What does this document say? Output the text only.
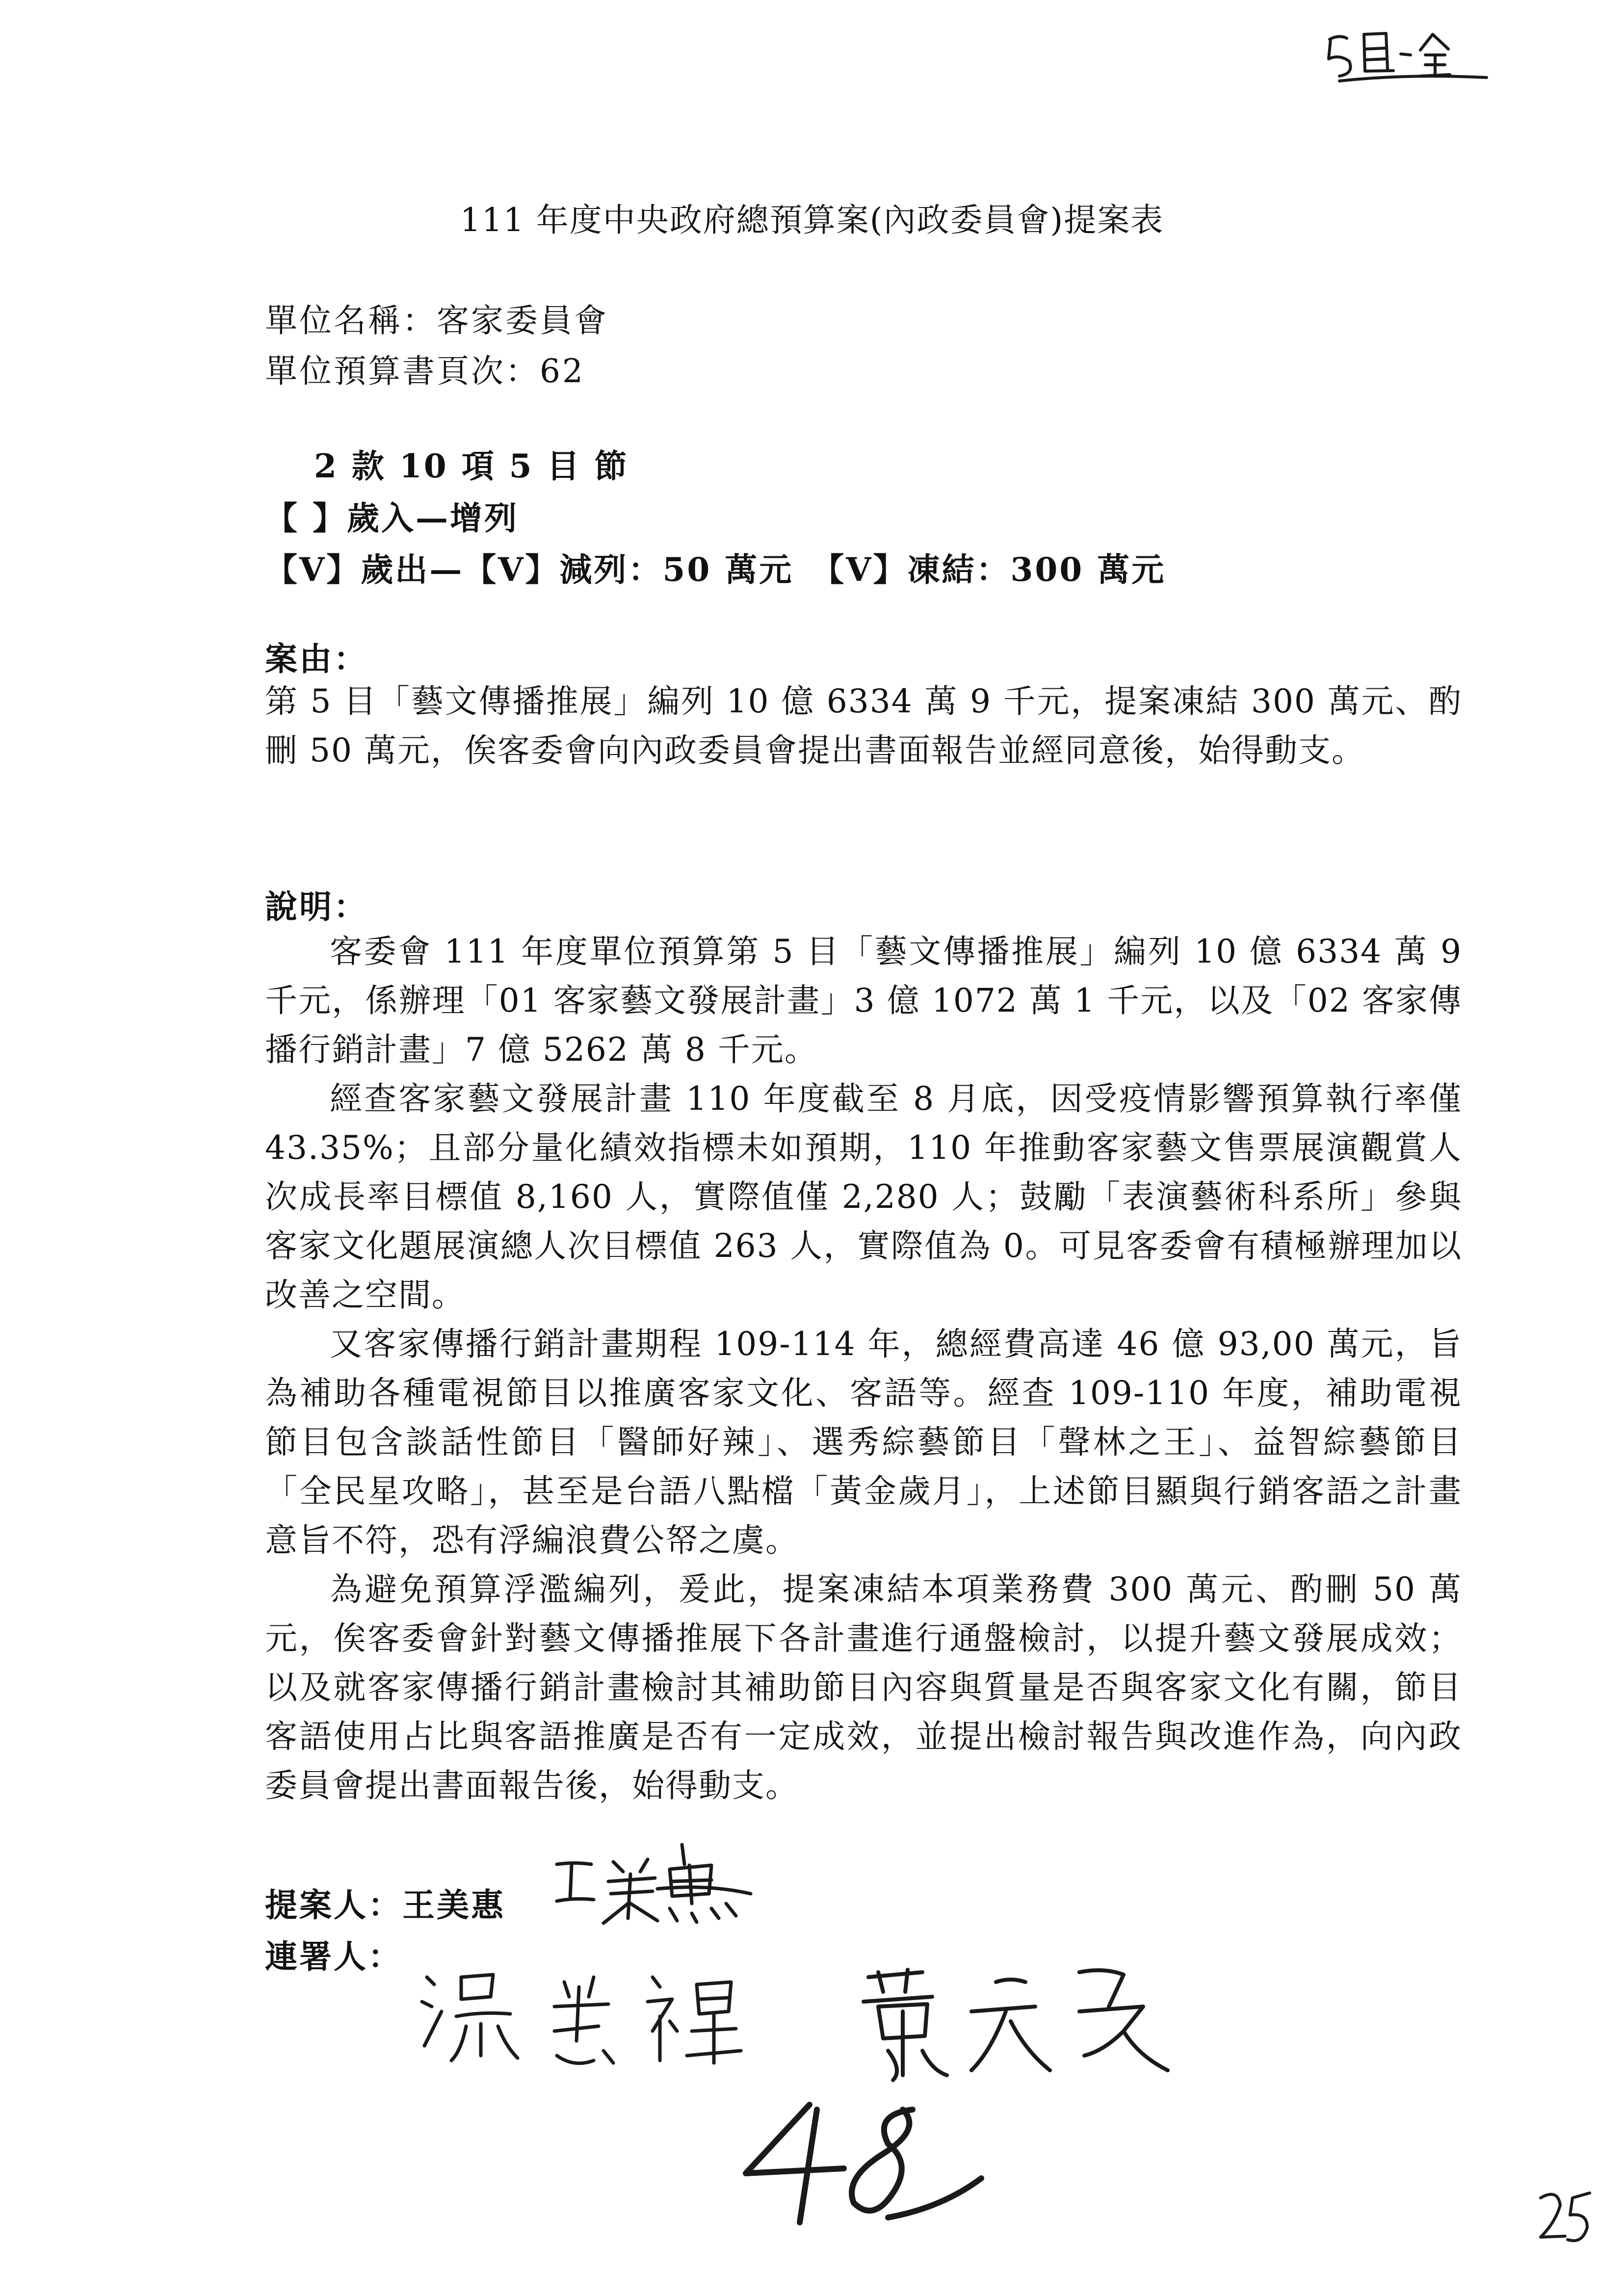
111 年度中央政府總預算案(內政委員會)提案表
單位名稱：客家委員會
單位預算書頁次：62
2 款 10 項 5 目 節
【 】歲入—增列
【V】歲出—【V】減列：50 萬元　【V】凍結：300 萬元
案由：

第 5 目「藝文傳播推展」編列 10 億 6334 萬 9 千元，提案凍結 300 萬元、酌刪 50 萬元，俟客委會向內政委員會提出書面報告並經同意後，始得動支。

說明：

客委會 111 年度單位預算第 5 目「藝文傳播推展」編列 10 億 6334 萬 9 千元，係辦理「01 客家藝文發展計畫」3 億 1072 萬 1 千元，以及「02 客家傳播行銷計畫」7 億 5262 萬 8 千元。

經查客家藝文發展計畫 110 年度截至 8 月底，因受疫情影響預算執行率僅 43.35%；且部分量化績效指標未如預期，110 年推動客家藝文售票展演觀賞人次成長率目標值 8,160 人，實際值僅 2,280 人；鼓勵「表演藝術科系所」參與客家文化題展演總人次目標值 263 人，實際值為 0。可見客委會有積極辦理加以改善之空間。

又客家傳播行銷計畫期程 109-114 年，總經費高達 46 億 93,00 萬元，旨為補助各種電視節目以推廣客家文化、客語等。經查 109-110 年度，補助電視節目包含談話性節目「醫師好辣」、選秀綜藝節目「聲林之王」、益智綜藝節目「全民星攻略」，甚至是台語八點檔「黃金歲月」，上述節目顯與行銷客語之計畫意旨不符，恐有浮編浪費公帑之虞。

為避免預算浮濫編列，爰此，提案凍結本項業務費 300 萬元、酌刪 50 萬元，俟客委會針對藝文傳播推展下各計畫進行通盤檢討，以提升藝文發展成效；以及就客家傳播行銷計畫檢討其補助節目內容與質量是否與客家文化有關，節目客語使用占比與客語推廣是否有一定成效，並提出檢討報告與改進作為，向內政委員會提出書面報告後，始得動支。

提案人：王美惠
連署人：
